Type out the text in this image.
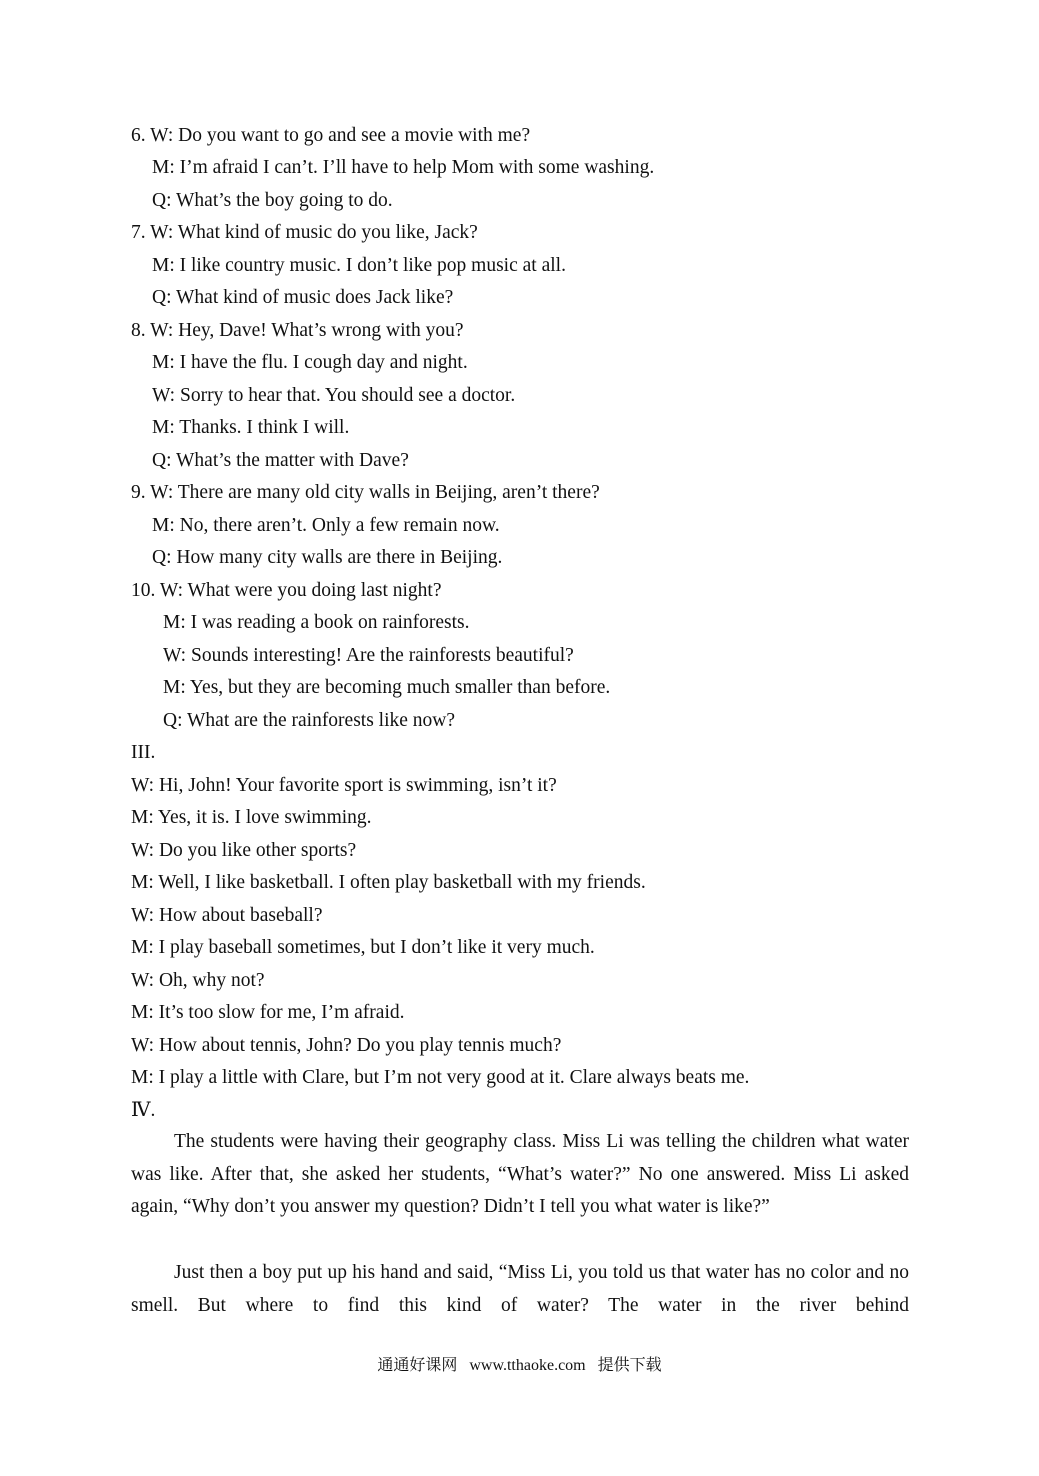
6. W: Do you want to go and see a movie with me?
M: I’m afraid I can’t. I’ll have to help Mom with some washing.
Q: What’s the boy going to do.
7. W: What kind of music do you like, Jack?
M: I like country music. I don’t like pop music at all.
Q: What kind of music does Jack like?
8. W: Hey, Dave! What’s wrong with you?
M: I have the flu. I cough day and night.
W: Sorry to hear that. You should see a doctor.
M: Thanks. I think I will.
Q: What’s the matter with Dave?
9. W: There are many old city walls in Beijing, aren’t there?
M: No, there aren’t. Only a few remain now.
Q: How many city walls are there in Beijing.
10. W: What were you doing last night?
M: I was reading a book on rainforests.
W: Sounds interesting! Are the rainforests beautiful?
M: Yes, but they are becoming much smaller than before.
Q: What are the rainforests like now?
III.
W: Hi, John! Your favorite sport is swimming, isn’t it?
M: Yes, it is. I love swimming.
W: Do you like other sports?
M: Well, I like basketball. I often play basketball with my friends.
W: How about baseball?
M: I play baseball sometimes, but I don’t like it very much.
W: Oh, why not?
M: It’s too slow for me, I’m afraid.
W: How about tennis, John? Do you play tennis much?
M: I play a little with Clare, but I’m not very good at it. Clare always beats me.
Ⅳ.
The students were having their geography class. Miss Li was telling the children what water was like. After that, she asked her students, “What’s water?” No one answered. Miss Li asked again, “Why don’t you answer my question? Didn’t I tell you what water is like?”
Just then a boy put up his hand and said, “Miss Li, you told us that water has no color and no smell. But where to find this kind of water? The water in the river behind
通通好课网 www.tthaoke.com 提供下载
